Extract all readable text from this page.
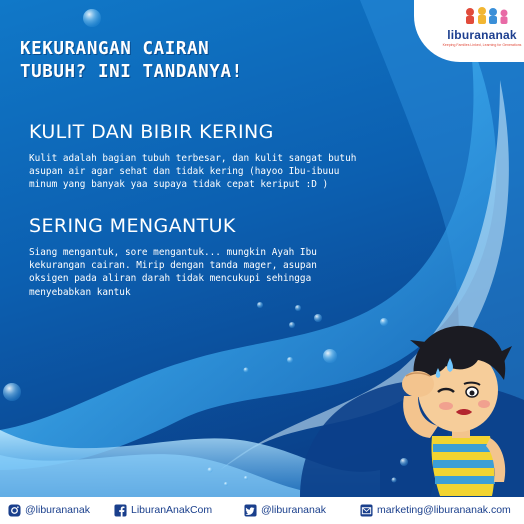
liburananak
Keeping Families Linked, Learning for Generations
KEKURANGAN CAIRAN
TUBUH? INI TANDANYA!
KULIT DAN BIBIR KERING
Kulit adalah bagian tubuh terbesar, dan kulit sangat butuh
asupan air agar sehat dan tidak kering (hayoo Ibu-ibuuu
minum yang banyak yaa supaya tidak cepat keriput :D )
SERING MENGANTUK
Siang mengantuk, sore mengantuk... mungkin Ayah Ibu
kekurangan cairan. Mirip dengan tanda mager, asupan
oksigen pada aliran darah tidak mencukupi sehingga
menyebabkan kantuk
@liburananak	LiburanAnakCom	@liburananak	marketing@liburananak.com
